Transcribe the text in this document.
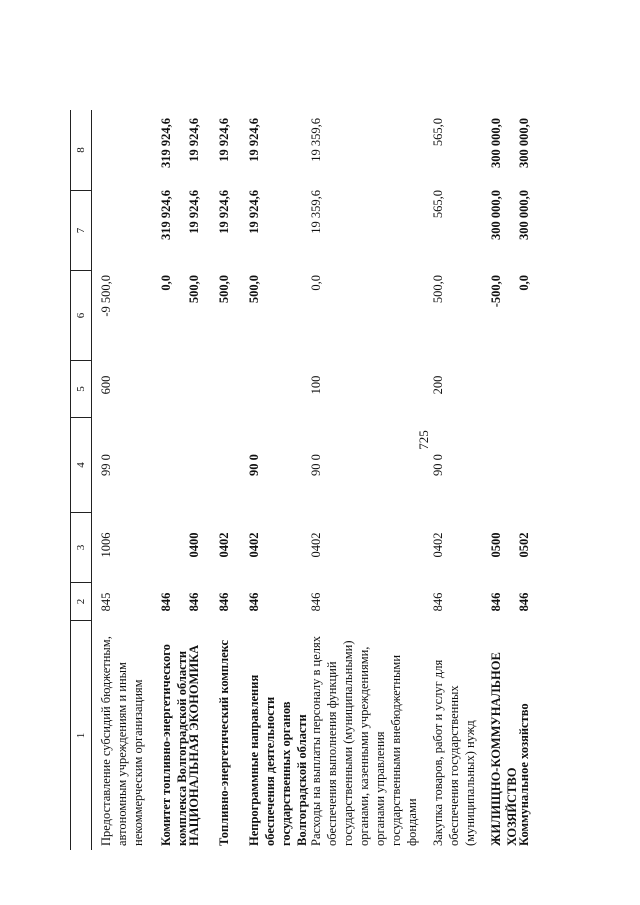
725
1
2
3
4
5
6
7
8
Предоставление субсидий бюджетным, автономным учреждениям и иным некоммерческим организациям
845
1006
99 0
600
-9 500,0
Комитет топливно-энергетического комплекса Волгоградской области
846
0,0
319 924,6
319 924,6
НАЦИОНАЛЬНАЯ ЭКОНОМИКА
846
0400
500,0
19 924,6
19 924,6
Топливно-энергетический комплекс
846
0402
500,0
19 924,6
19 924,6
Непрограммные направления обеспечения деятельности государственных органов Волгоградской области
846
0402
90 0
500,0
19 924,6
19 924,6
Расходы на выплаты персоналу в целях обеспечения выполнения функций государственными (муниципальными) органами, казенными учреждениями, органами управления государственными внебюджетными фондами
846
0402
90 0
100
0,0
19 359,6
19 359,6
Закупка товаров, работ и услуг для обеспечения государственных (муниципальных) нужд
846
0402
90 0
200
500,0
565,0
565,0
ЖИЛИЩНО-КОММУНАЛЬНОЕ ХОЗЯЙСТВО
846
0500
-500,0
300 000,0
300 000,0
Коммунальное хозяйство
846
0502
0,0
300 000,0
300 000,0
